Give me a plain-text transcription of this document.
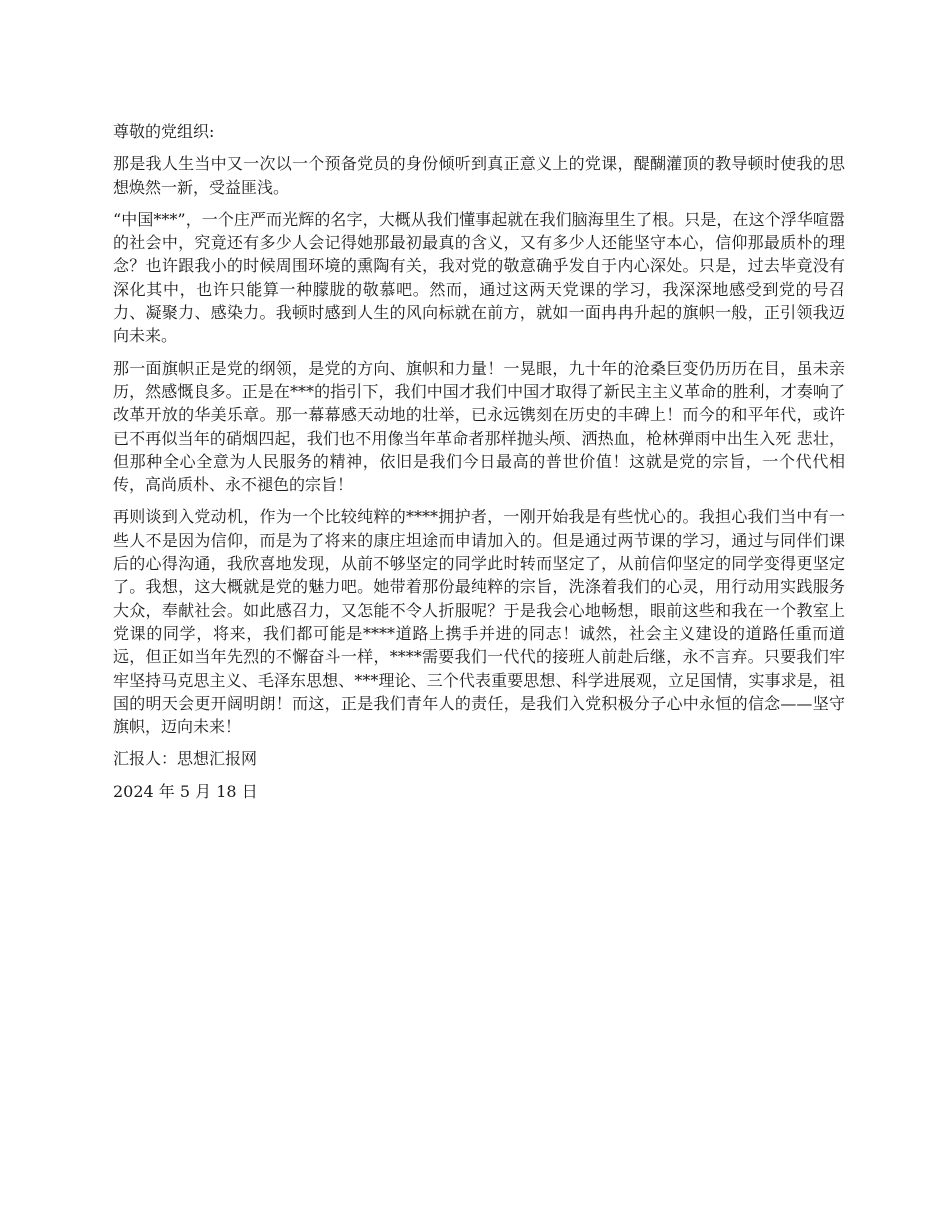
尊敬的党组织:

那是我人生当中又一次以一个预备党员的身份倾听到真正意义上的党课，醍醐灌顶的教导顿时使我的思想焕然一新，受益匪浅。

“中国***”，一个庄严而光辉的名字，大概从我们懂事起就在我们脑海里生了根。只是，在这个浮华喧嚣的社会中，究竟还有多少人会记得她那最初最真的含义，又有多少人还能坚守本心，信仰那最质朴的理念？也许跟我小的时候周围环境的熏陶有关，我对党的敬意确乎发自于内心深处。只是，过去毕竟没有深化其中，也许只能算一种朦胧的敬慕吧。然而，通过这两天党课的学习，我深深地感受到党的号召力、凝聚力、感染力。我顿时感到人生的风向标就在前方，就如一面冉冉升起的旗帜一般，正引领我迈向未来。

那一面旗帜正是党的纲领，是党的方向、旗帜和力量！一晃眼，九十年的沧桑巨变仍历历在目，虽未亲历，然感慨良多。正是在***的指引下，我们中国才我们中国才取得了新民主主义革命的胜利，才奏响了改革开放的华美乐章。那一幕幕感天动地的壮举，已永远镌刻在历史的丰碑上！而今的和平年代，或许已不再似当年的硝烟四起，我们也不用像当年革命者那样抛头颅、洒热血，枪林弹雨中出生入死 悲壮，但那种全心全意为人民服务的精神，依旧是我们今日最高的普世价值！这就是党的宗旨，一个代代相传，高尚质朴、永不褪色的宗旨！

再则谈到入党动机，作为一个比较纯粹的****拥护者，一刚开始我是有些忧心的。我担心我们当中有一些人不是因为信仰，而是为了将来的康庄坦途而申请加入的。但是通过两节课的学习，通过与同伴们课后的心得沟通，我欣喜地发现，从前不够坚定的同学此时转而坚定了，从前信仰坚定的同学变得更坚定了。我想，这大概就是党的魅力吧。她带着那份最纯粹的宗旨，洗涤着我们的心灵，用行动用实践服务大众，奉献社会。如此感召力，又怎能不令人折服呢？于是我会心地畅想，眼前这些和我在一个教室上党课的同学，将来，我们都可能是****道路上携手并进的同志！诚然，社会主义建设的道路任重而道远，但正如当年先烈的不懈奋斗一样，****需要我们一代代的接班人前赴后继，永不言弃。只要我们牢牢坚持马克思主义、毛泽东思想、***理论、三个代表重要思想、科学进展观，立足国情，实事求是，祖国的明天会更开阔明朗！而这，正是我们青年人的责任，是我们入党积极分子心中永恒的信念——坚守旗帜，迈向未来！

汇报人：思想汇报网

2024 年 5 月 18 日
